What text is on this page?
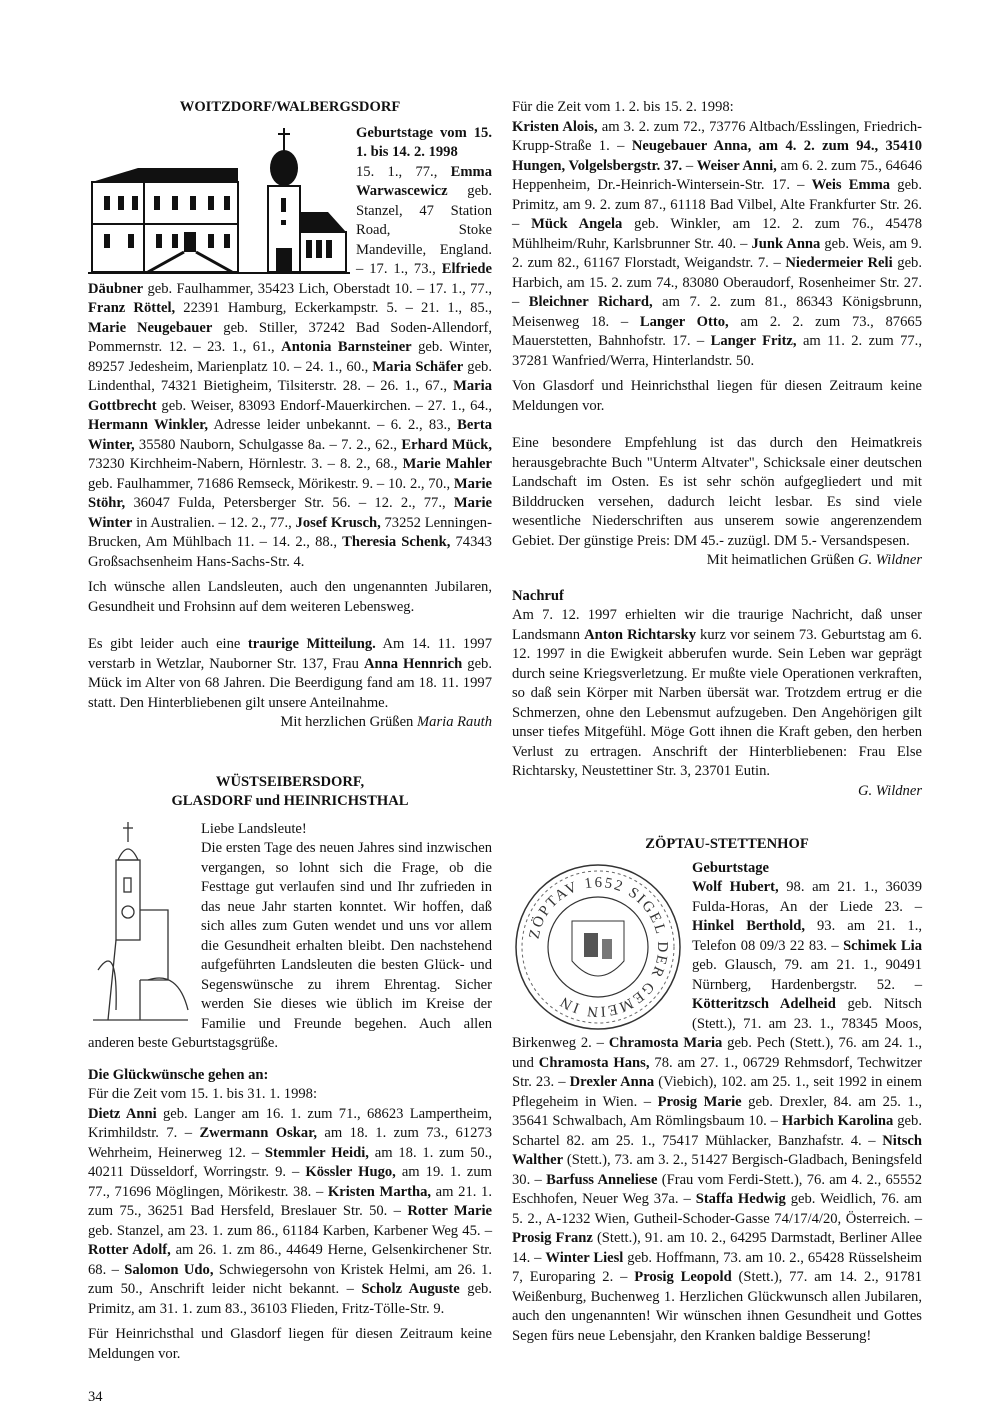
WOITZDORF/WALBERGSDORF

Geburtstage vom 15. 1. bis 14. 2. 1998
15. 1., 77., Emma Warwascewicz geb. Stanzel, 47 Station Road, Stoke Mandeville, England. – 17. 1., 73., Elfriede Däubner geb. Faulhammer, 35423 Lich, Oberstadt 10. – 17. 1., 77., Franz Röttel, 22391 Hamburg, Eckerkampstr. 5. – 21. 1., 85., Marie Neugebauer geb. Stiller, 37242 Bad Soden-Allendorf, Pommernstr. 12. – 23. 1., 61., Antonia Barnsteiner geb. Winter, 89257 Jedesheim, Marienplatz 10. – 24. 1., 60., Maria Schäfer geb. Lindenthal, 74321 Bietigheim, Tilsiterstr. 28. – 26. 1., 67., Maria Gottbrecht geb. Weiser, 83093 Endorf-Mauerkirchen. – 27. 1., 64., Hermann Winkler, Adresse leider unbekannt. – 6. 2., 83., Berta Winter, 35580 Nauborn, Schulgasse 8a. – 7. 2., 62., Erhard Mück, 73230 Kirchheim-Nabern, Hörnlestr. 3. – 8. 2., 68., Marie Mahler geb. Faulhammer, 71686 Remseck, Mörikestr. 9. – 10. 2., 70., Marie Stöhr, 36047 Fulda, Petersberger Str. 56. – 12. 2., 77., Marie Winter in Australien. – 12. 2., 77., Josef Krusch, 73252 Lenningen-Brucken, Am Mühlbach 11. – 14. 2., 88., Theresia Schenk, 74343 Großsachsenheim Hans-Sachs-Str. 4.

Ich wünsche allen Landsleuten, auch den ungenannten Jubilaren, Gesundheit und Frohsinn auf dem weiteren Lebensweg.

Es gibt leider auch eine traurige Mitteilung. Am 14. 11. 1997 verstarb in Wetzlar, Nauborner Str. 137, Frau Anna Hennrich geb. Mück im Alter von 68 Jahren. Die Beerdigung fand am 18. 11. 1997 statt. Den Hinterbliebenen gilt unsere Anteilnahme.

Mit herzlichen Grüßen Maria Rauth
WÜSTSEIBERSDORF,
GLASDORF und HEINRICHSTHAL

Liebe Landsleute!

Die ersten Tage des neuen Jahres sind inzwischen vergangen, so lohnt sich die Frage, ob die Festtage gut verlaufen sind und Ihr zufrieden in das neue Jahr starten konntet. Wir hoffen, daß sich alles zum Guten wendet und uns vor allem die Gesundheit erhalten bleibt. Den nachstehend aufgeführten Landsleuten die besten Glück- und Segenswünsche zu ihrem Ehrentag. Sicher werden Sie dieses wie üblich im Kreise der Familie und Freunde begehen. Auch allen anderen beste Geburtstagsgrüße.

Die Glückwünsche gehen an:
Für die Zeit vom 15. 1. bis 31. 1. 1998:

Dietz Anni geb. Langer am 16. 1. zum 71., 68623 Lampertheim, Krimhildstr. 7. – Zwermann Oskar, am 18. 1. zum 73., 61273 Wehrheim, Heinerweg 12. – Stemmler Heidi, am 18. 1. zum 50., 40211 Düsseldorf, Worringstr. 9. – Kössler Hugo, am 19. 1. zum 77., 71696 Möglingen, Mörikestr. 38. – Kristen Martha, am 21. 1. zum 75., 36251 Bad Hersfeld, Breslauer Str. 50. – Rotter Marie geb. Stanzel, am 23. 1. zum 86., 61184 Karben, Karbener Weg 45. – Rotter Adolf, am 26. 1. zm 86., 44649 Herne, Gelsenkirchener Str. 68. – Salomon Udo, Schwiegersohn von Kristek Helmi, am 26. 1. zum 50., Anschrift leider nicht bekannt. – Scholz Auguste geb. Primitz, am 31. 1. zum 83., 36103 Flieden, Fritz-Tölle-Str. 9.

Für Heinrichsthal und Glasdorf liegen für diesen Zeitraum keine Meldungen vor.

34
Für die Zeit vom 1. 2. bis 15. 2. 1998:

Kristen Alois, am 3. 2. zum 72., 73776 Altbach/Esslingen, Friedrich-Krupp-Straße 1. – Neugebauer Anna, am 4. 2. zum 94., 35410 Hungen, Volgelsbergstr. 37. – Weiser Anni, am 6. 2. zum 75., 64646 Heppenheim, Dr.-Heinrich-Wintersein-Str. 17. – Weis Emma geb. Primitz, am 9. 2. zum 87., 61118 Bad Vilbel, Alte Frankfurter Str. 26. – Mück Angela geb. Winkler, am 12. 2. zum 76., 45478 Mühlheim/Ruhr, Karlsbrunner Str. 40. – Junk Anna geb. Weis, am 9. 2. zum 82., 61167 Florstadt, Weigandstr. 7. – Niedermeier Reli geb. Harbich, am 15. 2. zum 74., 83080 Oberaudorf, Rosenheimer Str. 27. – Bleichner Richard, am 7. 2. zum 81., 86343 Königsbrunn, Meisenweg 18. – Langer Otto, am 2. 2. zum 73., 87665 Mauerstetten, Bahnhofstr. 17. – Langer Fritz, am 11. 2. zum 77., 37281 Wanfried/Werra, Hinterlandstr. 50.

Von Glasdorf und Heinrichsthal liegen für diesen Zeitraum keine Meldungen vor.

Eine besondere Empfehlung ist das durch den Heimatkreis herausgebrachte Buch "Unterm Altvater", Schicksale einer deutschen Landschaft im Osten. Es ist sehr schön aufgegliedert und mit Bilddrucken versehen, dadurch leicht lesbar. Es sind viele wesentliche Niederschriften aus unserem sowie angerenzendem Gebiet. Der günstige Preis: DM 45.- zuzügl. DM 5.- Versandspesen.

Mit heimatlichen Grüßen G. Wildner
Nachruf

Am 7. 12. 1997 erhielten wir die traurige Nachricht, daß unser Landsmann Anton Richtarsky kurz vor seinem 73. Geburtstag am 6. 12. 1997 in die Ewigkeit abberufen wurde. Sein Leben war geprägt durch seine Kriegsverletzung. Er mußte viele Operationen verkraften, so daß sein Körper mit Narben übersät war. Trotzdem ertrug er die Schmerzen, ohne den Lebensmut aufzugeben. Den Angehörigen gilt unser tiefes Mitgefühl. Möge Gott ihnen die Kraft geben, den herben Verlust zu ertragen. Anschrift der Hinterbliebenen: Frau Else Richtarsky, Neustettiner Str. 3, 23701 Eutin.

G. Wildner
ZÖPTAU-STETTENHOF
ZÖPTAV 1652 SIGEL DER GEMEIN IN
Geburtstage

Wolf Hubert, 98. am 21. 1., 36039 Fulda-Horas, An der Liede 23. – Hinkel Berthold, 93. am 21. 1., Telefon 08 09/3 22 83. – Schimek Lia geb. Glausch, 79. am 21. 1., 90491 Nürnberg, Hardenbergstr. 52. – Kötteritzsch Adelheid geb. Nitsch (Stett.), 71. am 23. 1., 78345 Moos, Birkenweg 2. – Chramosta Maria geb. Pech (Stett.), 76. am 24. 1., und Chramosta Hans, 78. am 27. 1., 06729 Rehmsdorf, Techwitzer Str. 23. – Drexler Anna (Viebich), 102. am 25. 1., seit 1992 in einem Pflegeheim in Wien. – Prosig Marie geb. Drexler, 84. am 25. 1., 35641 Schwalbach, Am Römlingsbaum 10. – Harbich Karolina geb. Schartel 82. am 25. 1., 75417 Mühlacker, Banzhafstr. 4. – Nitsch Walther (Stett.), 73. am 3. 2., 51427 Bergisch-Gladbach, Beningsfeld 30. – Barfuss Anneliese (Frau vom Ferdi-Stett.), 76. am 4. 2., 65552 Eschhofen, Neuer Weg 37a. – Staffa Hedwig geb. Weidlich, 76. am 5. 2., A-1232 Wien, Gutheil-Schoder-Gasse 74/17/4/20, Österreich. – Prosig Franz (Stett.), 91. am 10. 2., 64295 Darmstadt, Berliner Allee 14. – Winter Liesl geb. Hoffmann, 73. am 10. 2., 65428 Rüsselsheim 7, Europaring 2. – Prosig Leopold (Stett.), 77. am 14. 2., 91781 Weißenburg, Buchenweg 1. Herzlichen Glückwunsch allen Jubilaren, auch den ungenannten! Wir wünschen ihnen Gesundheit und Gottes Segen fürs neue Lebensjahr, den Kranken baldige Besserung!
